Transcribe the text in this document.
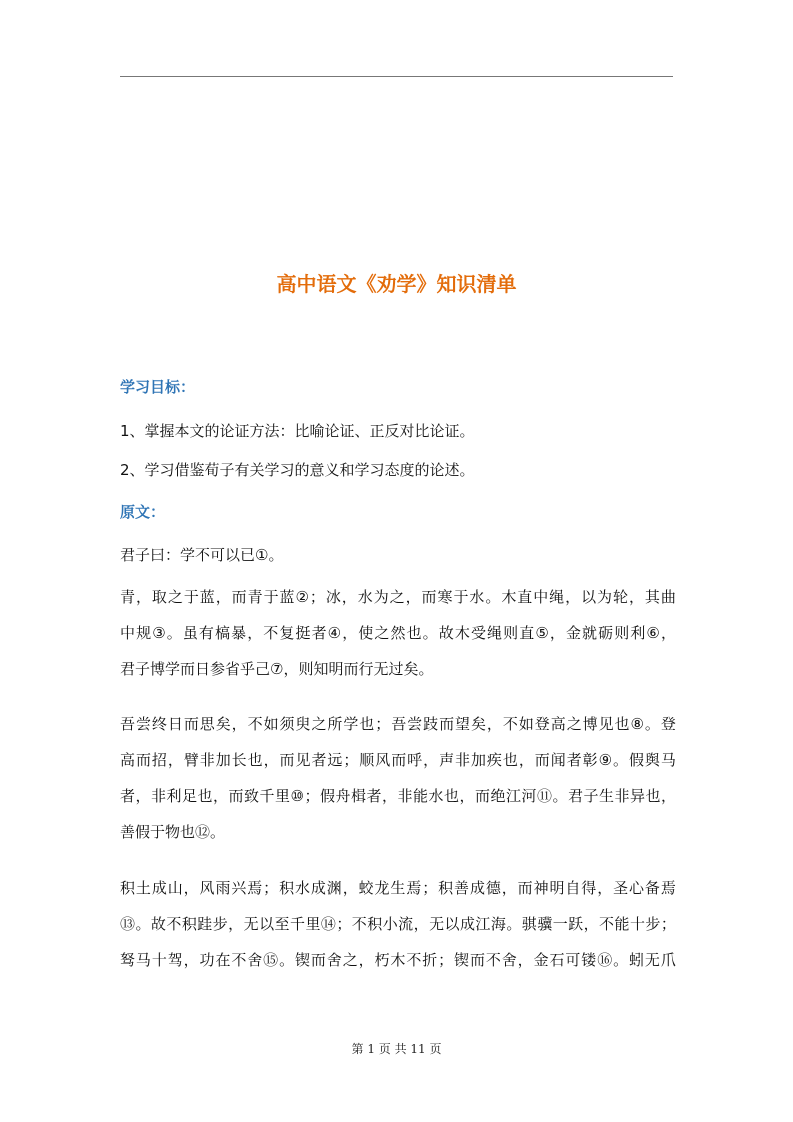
高中语文《劝学》知识清单
学习目标：
1、掌握本文的论证方法：比喻论证、正反对比论证。
2、学习借鉴荀子有关学习的意义和学习态度的论述。
原文：
君子曰：学不可以已①。
青 ， 取 之 于 蓝 ， 而 青 于 蓝 ② ； 冰 ， 水 为 之 ， 而 寒 于 水 。 木 直 中 绳 ， 以 为 轮 ， 其 曲
中 规 ③ 。 虽 有 槁 暴 ， 不 复 挺 者 ④ ， 使 之 然 也 。 故 木 受 绳 则 直 ⑤ ， 金 就 砺 则 利 ⑥ ，
君子博学而日参省乎己⑦，则知明而行无过矣。
吾 尝 终 日 而 思 矣 ， 不 如 须 臾 之 所 学 也 ； 吾 尝 跂 而 望 矣 ， 不 如 登 高 之 博 见 也 ⑧ 。 登
高 而 招 ， 臂 非 加 长 也 ， 而 见 者 远 ； 顺 风 而 呼 ， 声 非 加 疾 也 ， 而 闻 者 彰 ⑨ 。 假 舆 马
者 ， 非 利 足 也 ， 而 致 千 里 ⑩ ； 假 舟 楫 者 ， 非 能 水 也 ， 而 绝 江 河 ⑪ 。 君 子 生 非 异 也 ，
善假于物也⑫。
积 土 成 山 ， 风 雨 兴 焉 ； 积 水 成 渊 ， 蛟 龙 生 焉 ； 积 善 成 德 ， 而 神 明 自 得 ， 圣 心 备 焉
⑬ 。 故 不 积 跬 步 ， 无 以 至 千 里 ⑭ ； 不 积 小 流 ， 无 以 成 江 海 。 骐 骥 一 跃 ， 不 能 十 步 ；
驽 马 十 驾 ， 功 在 不 舍 ⑮ 。 锲 而 舍 之 ， 朽 木 不 折 ； 锲 而 不 舍 ， 金 石 可 镂 ⑯ 。 蚓 无 爪
第 1 页 共 11 页
